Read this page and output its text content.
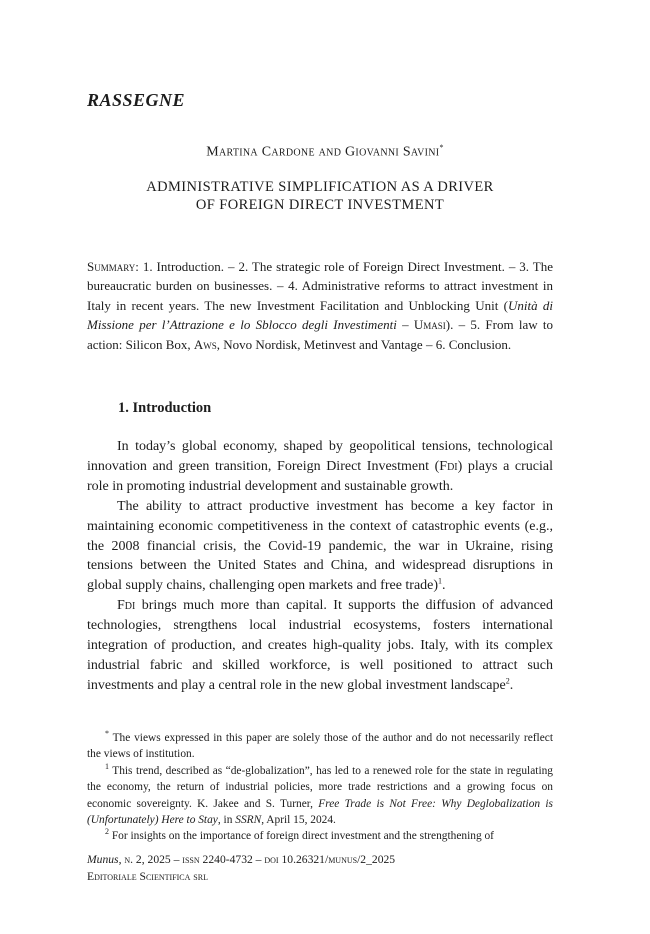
RASSEGNE
Martina Cardone and Giovanni Savini*
ADMINISTRATIVE SIMPLIFICATION AS A DRIVER
OF FOREIGN DIRECT INVESTMENT
Summary: 1. Introduction. – 2. The strategic role of Foreign Direct Investment. – 3. The bureaucratic burden on businesses. – 4. Administrative reforms to attract investment in Italy in recent years. The new Investment Facilitation and Unblocking Unit (Unità di Missione per l’Attrazione e lo Sblocco degli Investimenti – Umasi). – 5. From law to action: Silicon Box, Aws, Novo Nordisk, Metinvest and Vantage – 6. Conclusion.
1. Introduction

In today’s global economy, shaped by geopolitical tensions, technological innovation and green transition, Foreign Direct Investment (Fdi) plays a crucial role in promoting industrial development and sustainable growth.

The ability to attract productive investment has become a key factor in maintaining economic competitiveness in the context of catastrophic events (e.g., the 2008 financial crisis, the Covid-19 pandemic, the war in Ukraine, rising tensions between the United States and China, and widespread disruptions in global supply chains, challenging open markets and free trade)$^1$.

Fdi brings much more than capital. It supports the diffusion of advanced technologies, strengthens local industrial ecosystems, fosters international integration of production, and creates high-quality jobs. Italy, with its complex industrial fabric and skilled workforce, is well positioned to attract such investments and play a central role in the new global investment landscape$^2$.

* The views expressed in this paper are solely those of the author and do not necessarily reflect the views of institution.

$^1$ This trend, described as “de-globalization”, has led to a renewed role for the state in regulating the economy, the return of industrial policies, more trade restrictions and a growing focus on economic sovereignty. K. Jakee and S. Turner, Free Trade is Not Free: Why Deglobalization is (Unfortunately) Here to Stay, in SSRN, April 15, 2024.

$^2$ For insights on the importance of foreign direct investment and the strengthening of

Munus, n. 2, 2025 – issn 2240-4732 – doi 10.26321/munus/2_2025
Editoriale Scientifica srl
